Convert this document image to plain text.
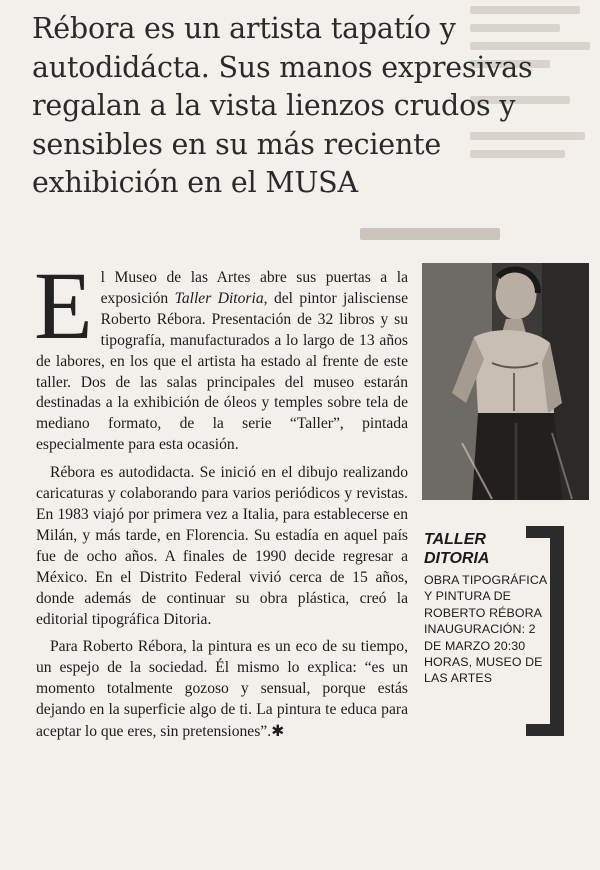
Rébora es un artista tapatío y autodidácta. Sus manos expresivas regalan a la vista lienzos crudos y sensibles en su más reciente exhibición en el MUSA

El Museo de las Artes abre sus puertas a la exposición Taller Ditoria, del pintor jalisciense Roberto Rébora. Presentación de 32 libros y su tipografía, manufacturados a lo largo de 13 años de labores, en los que el artista ha estado al frente de este taller. Dos de las salas principales del museo estarán destinadas a la exhibición de óleos y temples sobre tela de mediano formato, de la serie “Taller”, pintada especialmente para esta ocasión.

Rébora es autodidacta. Se inició en el dibujo realizando caricaturas y colaborando para varios periódicos y revistas. En 1983 viajó por primera vez a Italia, para establecerse en Milán, y más tarde, en Florencia. Su estadía en aquel país fue de ocho años. A finales de 1990 decide regresar a México. En el Distrito Federal vivió cerca de 15 años, donde además de continuar su obra plástica, creó la editorial tipográfica Ditoria.

Para Roberto Rébora, la pintura es un eco de su tiempo, un espejo de la sociedad. Él mismo lo explica: “es un momento totalmente gozoso y sensual, porque estás dejando en la superficie algo de ti. La pintura te educa para aceptar lo que eres, sin pretensiones”.✱

TALLER DITORIA
OBRA TIPOGRÁFICA Y PINTURA DE ROBERTO RÉBORA INAUGURACIÓN: 2 DE MARZO 20:30 HORAS, MUSEO DE LAS ARTES
